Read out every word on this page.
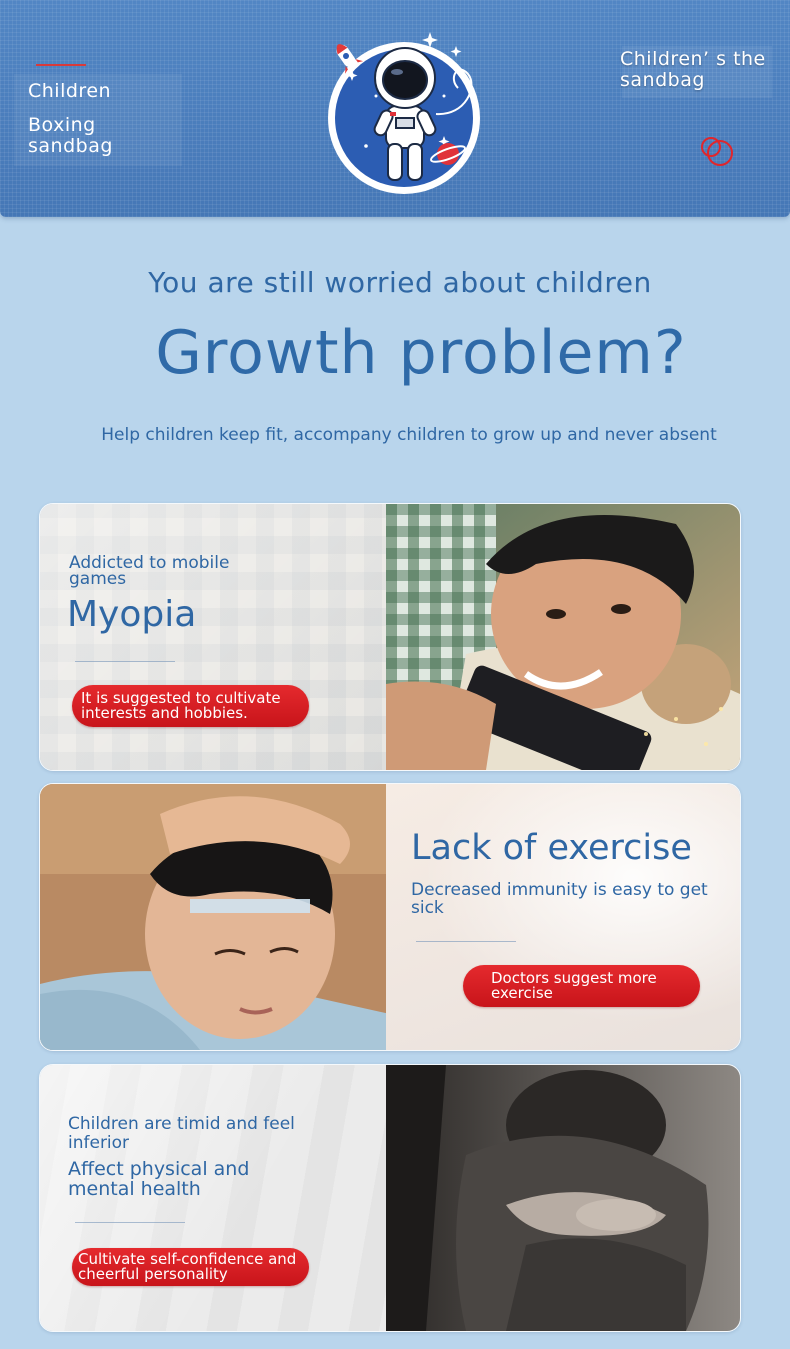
Children
Boxing sandbag
Children’ s the sandbag
You are still worried about children
Growth problem?
Help children keep fit, accompany children to grow up and never absent
Addicted to mobile games
Myopia
It is suggested to cultivate interests and hobbies.
Lack of exercise
Decreased immunity is easy to get sick
Doctors suggest more exercise
Children are timid and feel inferior
Affect physical and mental health
Cultivate self-confidence and cheerful personality
